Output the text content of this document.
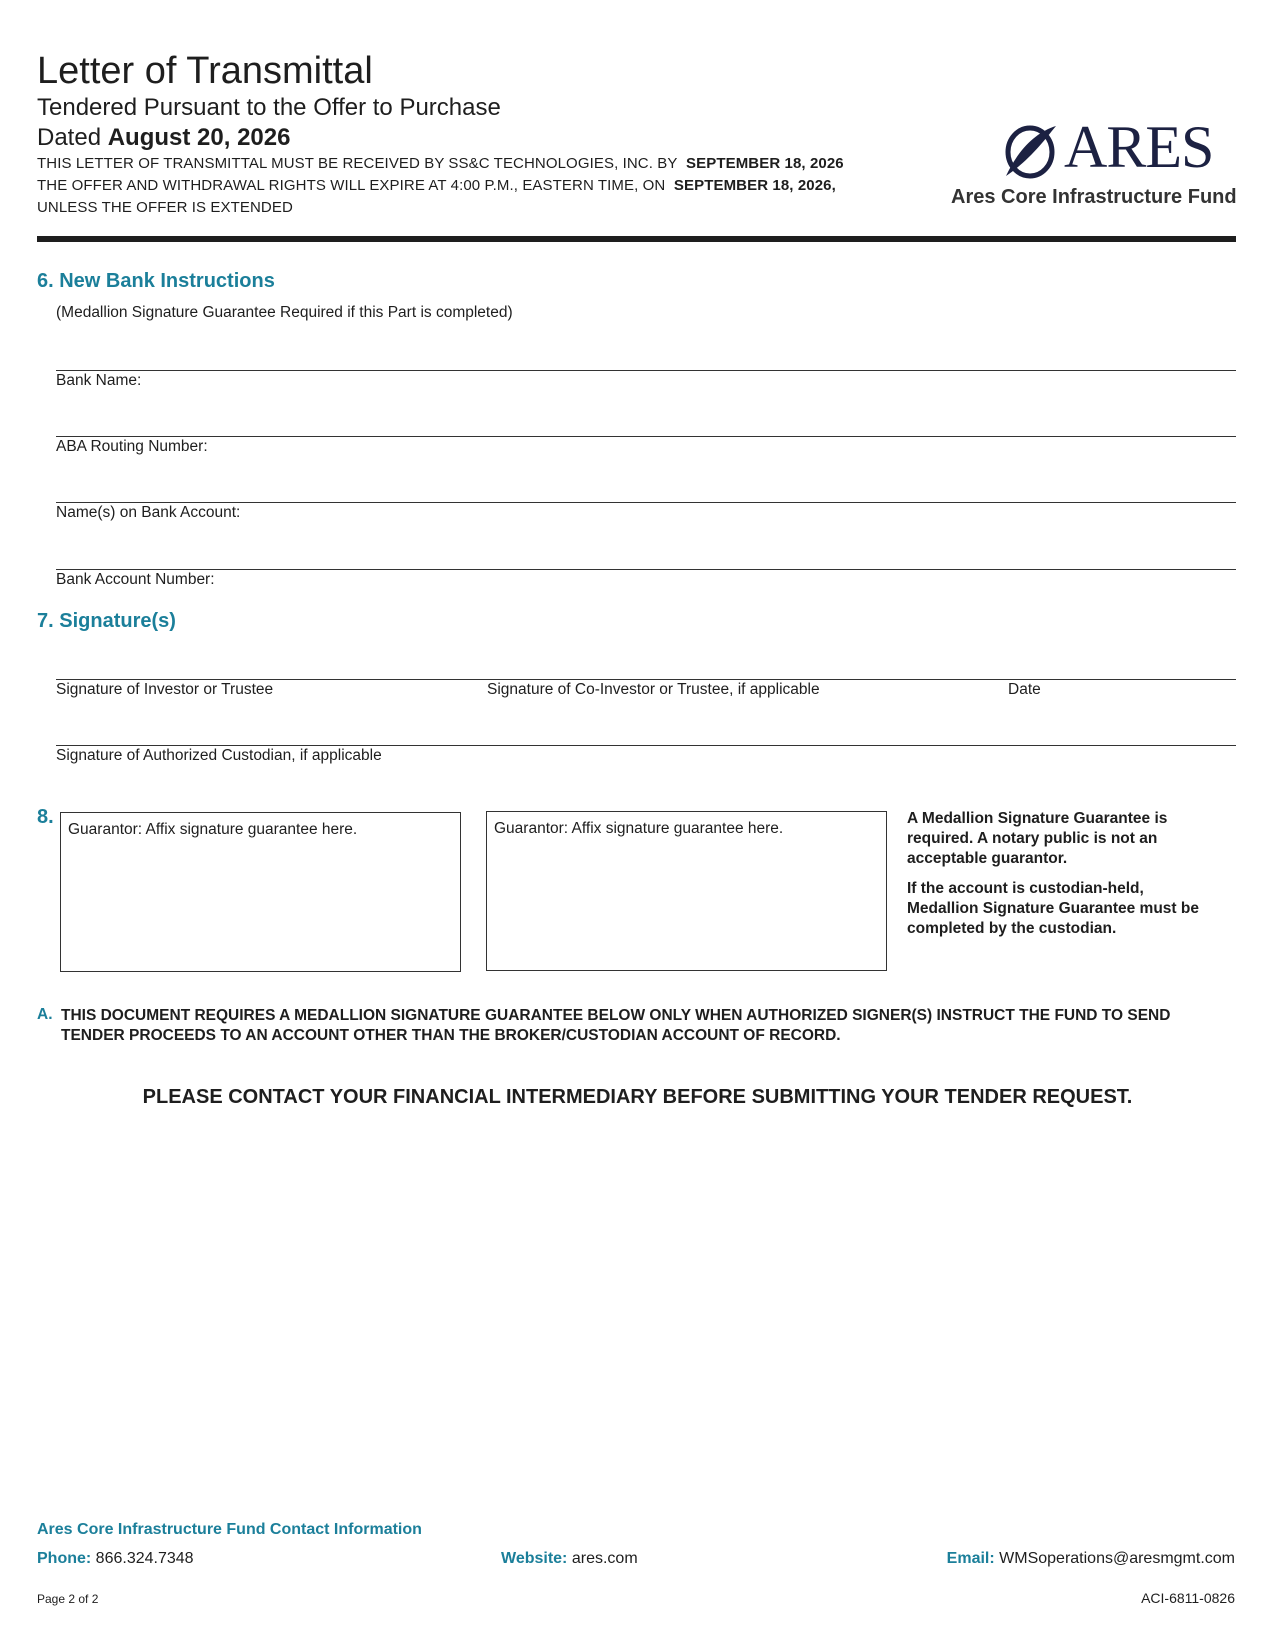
Letter of Transmittal
Tendered Pursuant to the Offer to Purchase
Dated August 20, 2026
THIS LETTER OF TRANSMITTAL MUST BE RECEIVED BY SS&C TECHNOLOGIES, INC. BY SEPTEMBER 18, 2026
THE OFFER AND WITHDRAWAL RIGHTS WILL EXPIRE AT 4:00 P.M., EASTERN TIME, ON SEPTEMBER 18, 2026,
UNLESS THE OFFER IS EXTENDED
ARES
Ares Core Infrastructure Fund
6. New Bank Instructions
(Medallion Signature Guarantee Required if this Part is completed)
Bank Name:
ABA Routing Number:
Name(s) on Bank Account:
Bank Account Number:
7. Signature(s)
Signature of Investor or Trustee	Signature of Co-Investor or Trustee, if applicable	Date
Signature of Authorized Custodian, if applicable
8.
Guarantor: Affix signature guarantee here.	Guarantor: Affix signature guarantee here.
A Medallion Signature Guarantee is required. A notary public is not an acceptable guarantor.
If the account is custodian-held, Medallion Signature Guarantee must be completed by the custodian.
A. THIS DOCUMENT REQUIRES A MEDALLION SIGNATURE GUARANTEE BELOW ONLY WHEN AUTHORIZED SIGNER(S) INSTRUCT THE FUND TO SEND TENDER PROCEEDS TO AN ACCOUNT OTHER THAN THE BROKER/CUSTODIAN ACCOUNT OF RECORD.
PLEASE CONTACT YOUR FINANCIAL INTERMEDIARY BEFORE SUBMITTING YOUR TENDER REQUEST.
Ares Core Infrastructure Fund Contact Information
Phone: 866.324.7348	Website: ares.com	Email: WMSoperations@aresmgmt.com
Page 2 of 2	ACI-6811-0826
